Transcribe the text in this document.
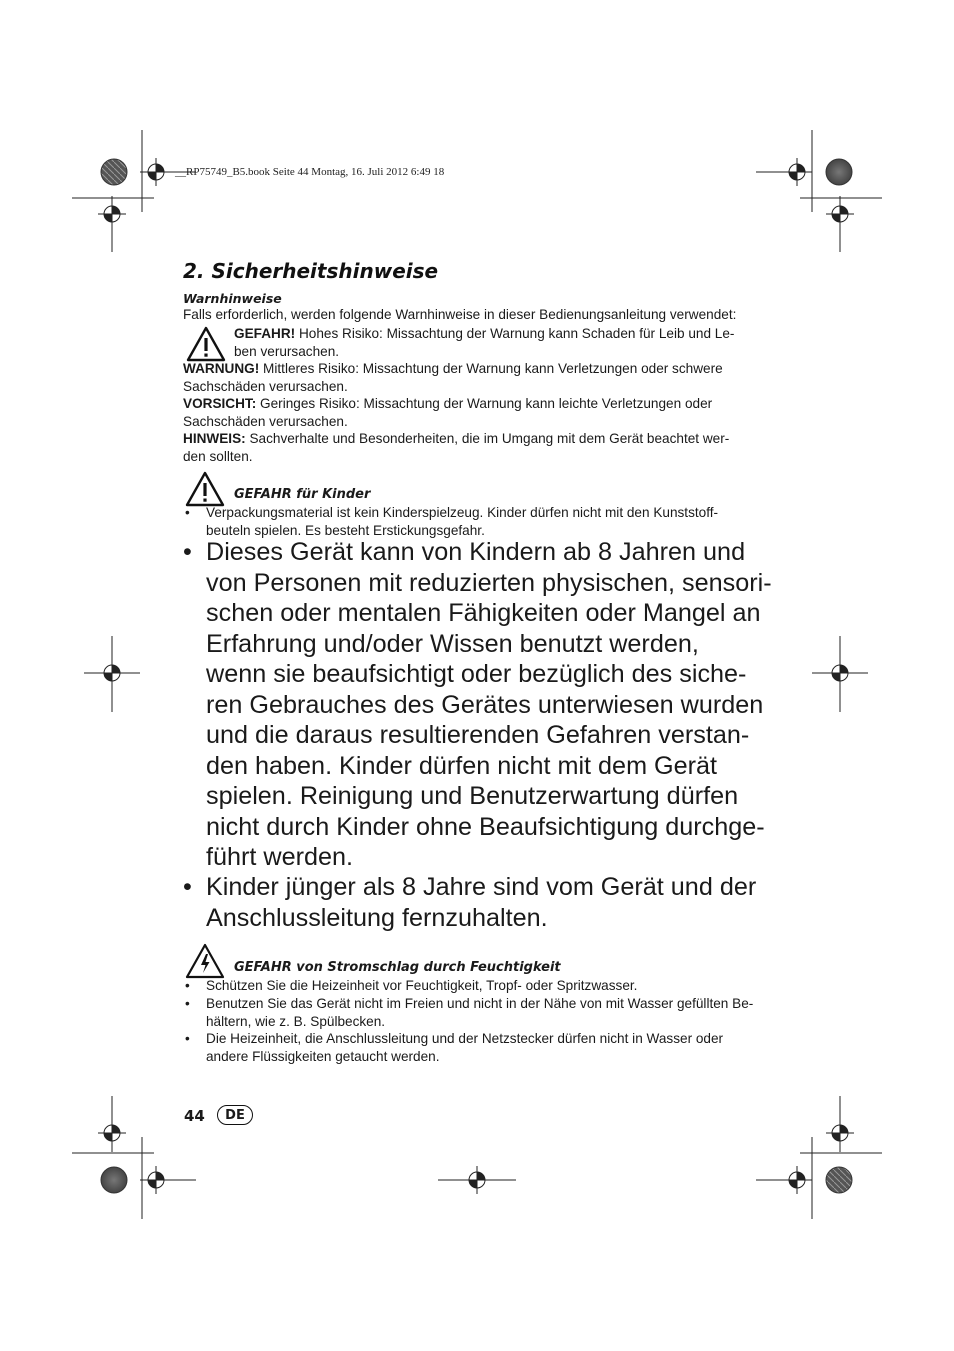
__RP75749_B5.book Seite 44 Montag, 16. Juli 2012 6:49 18
2. Sicherheitshinweise
Warnhinweise
Falls erforderlich, werden folgende Warnhinweise in dieser Bedienungsanleitung verwendet:
GEFAHR! Hohes Risiko: Missachtung der Warnung kann Schaden für Leib und Le-
ben verursachen.
WARNUNG! Mittleres Risiko: Missachtung der Warnung kann Verletzungen oder schwere
Sachschäden verursachen.
VORSICHT: Geringes Risiko: Missachtung der Warnung kann leichte Verletzungen oder
Sachschäden verursachen.
HINWEIS: Sachverhalte und Besonderheiten, die im Umgang mit dem Gerät beachtet wer-
den sollten.
GEFAHR für Kinder
• Verpackungsmaterial ist kein Kinderspielzeug. Kinder dürfen nicht mit den Kunststoff-
beuteln spielen. Es besteht Erstickungsgefahr.
• Dieses Gerät kann von Kindern ab 8 Jahren und
von Personen mit reduzierten physischen, sensori-
schen oder mentalen Fähigkeiten oder Mangel an
Erfahrung und/oder Wissen benutzt werden,
wenn sie beaufsichtigt oder bezüglich des siche-
ren Gebrauches des Gerätes unterwiesen wurden
und die daraus resultierenden Gefahren verstan-
den haben. Kinder dürfen nicht mit dem Gerät
spielen. Reinigung und Benutzerwartung dürfen
nicht durch Kinder ohne Beaufsichtigung durchge-
führt werden.
• Kinder jünger als 8 Jahre sind vom Gerät und der
Anschlussleitung fernzuhalten.
GEFAHR von Stromschlag durch Feuchtigkeit
• Schützen Sie die Heizeinheit vor Feuchtigkeit, Tropf- oder Spritzwasser.
• Benutzen Sie das Gerät nicht im Freien und nicht in der Nähe von mit Wasser gefüllten Be-
hältern, wie z. B. Spülbecken.
• Die Heizeinheit, die Anschlussleitung und der Netzstecker dürfen nicht in Wasser oder
andere Flüssigkeiten getaucht werden.
44	DE
